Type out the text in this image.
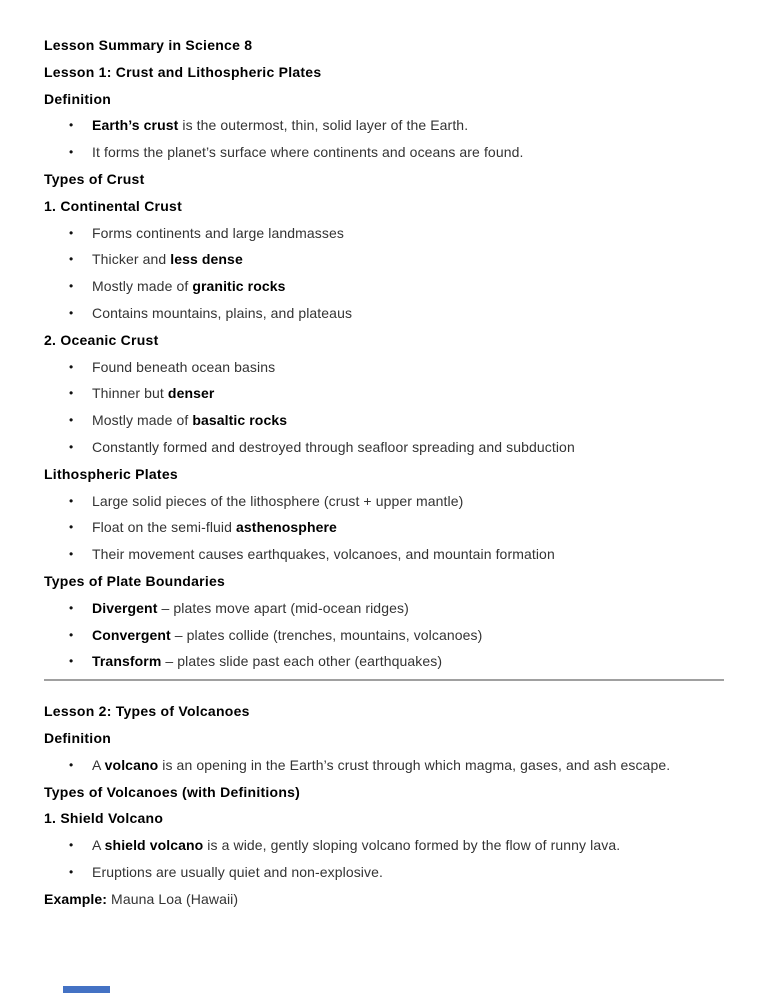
Lesson Summary in Science 8

Lesson 1: Crust and Lithospheric Plates

Definition

•	Earth’s crust is the outermost, thin, solid layer of the Earth.
•	It forms the planet’s surface where continents and oceans are found.

Types of Crust

1. Continental Crust

•	Forms continents and large landmasses
•	Thicker and less dense
•	Mostly made of granitic rocks
•	Contains mountains, plains, and plateaus

2. Oceanic Crust

•	Found beneath ocean basins
•	Thinner but denser
•	Mostly made of basaltic rocks
•	Constantly formed and destroyed through seafloor spreading and subduction

Lithospheric Plates

•	Large solid pieces of the lithosphere (crust + upper mantle)
•	Float on the semi-fluid asthenosphere
•	Their movement causes earthquakes, volcanoes, and mountain formation

Types of Plate Boundaries

•	Divergent – plates move apart (mid-ocean ridges)
•	Convergent – plates collide (trenches, mountains, volcanoes)
•	Transform – plates slide past each other (earthquakes)

Lesson 2: Types of Volcanoes

Definition

•	A volcano is an opening in the Earth’s crust through which magma, gases, and ash escape.

Types of Volcanoes (with Definitions)

1. Shield Volcano

•	A shield volcano is a wide, gently sloping volcano formed by the flow of runny lava.
•	Eruptions are usually quiet and non-explosive.

Example: Mauna Loa (Hawaii)
